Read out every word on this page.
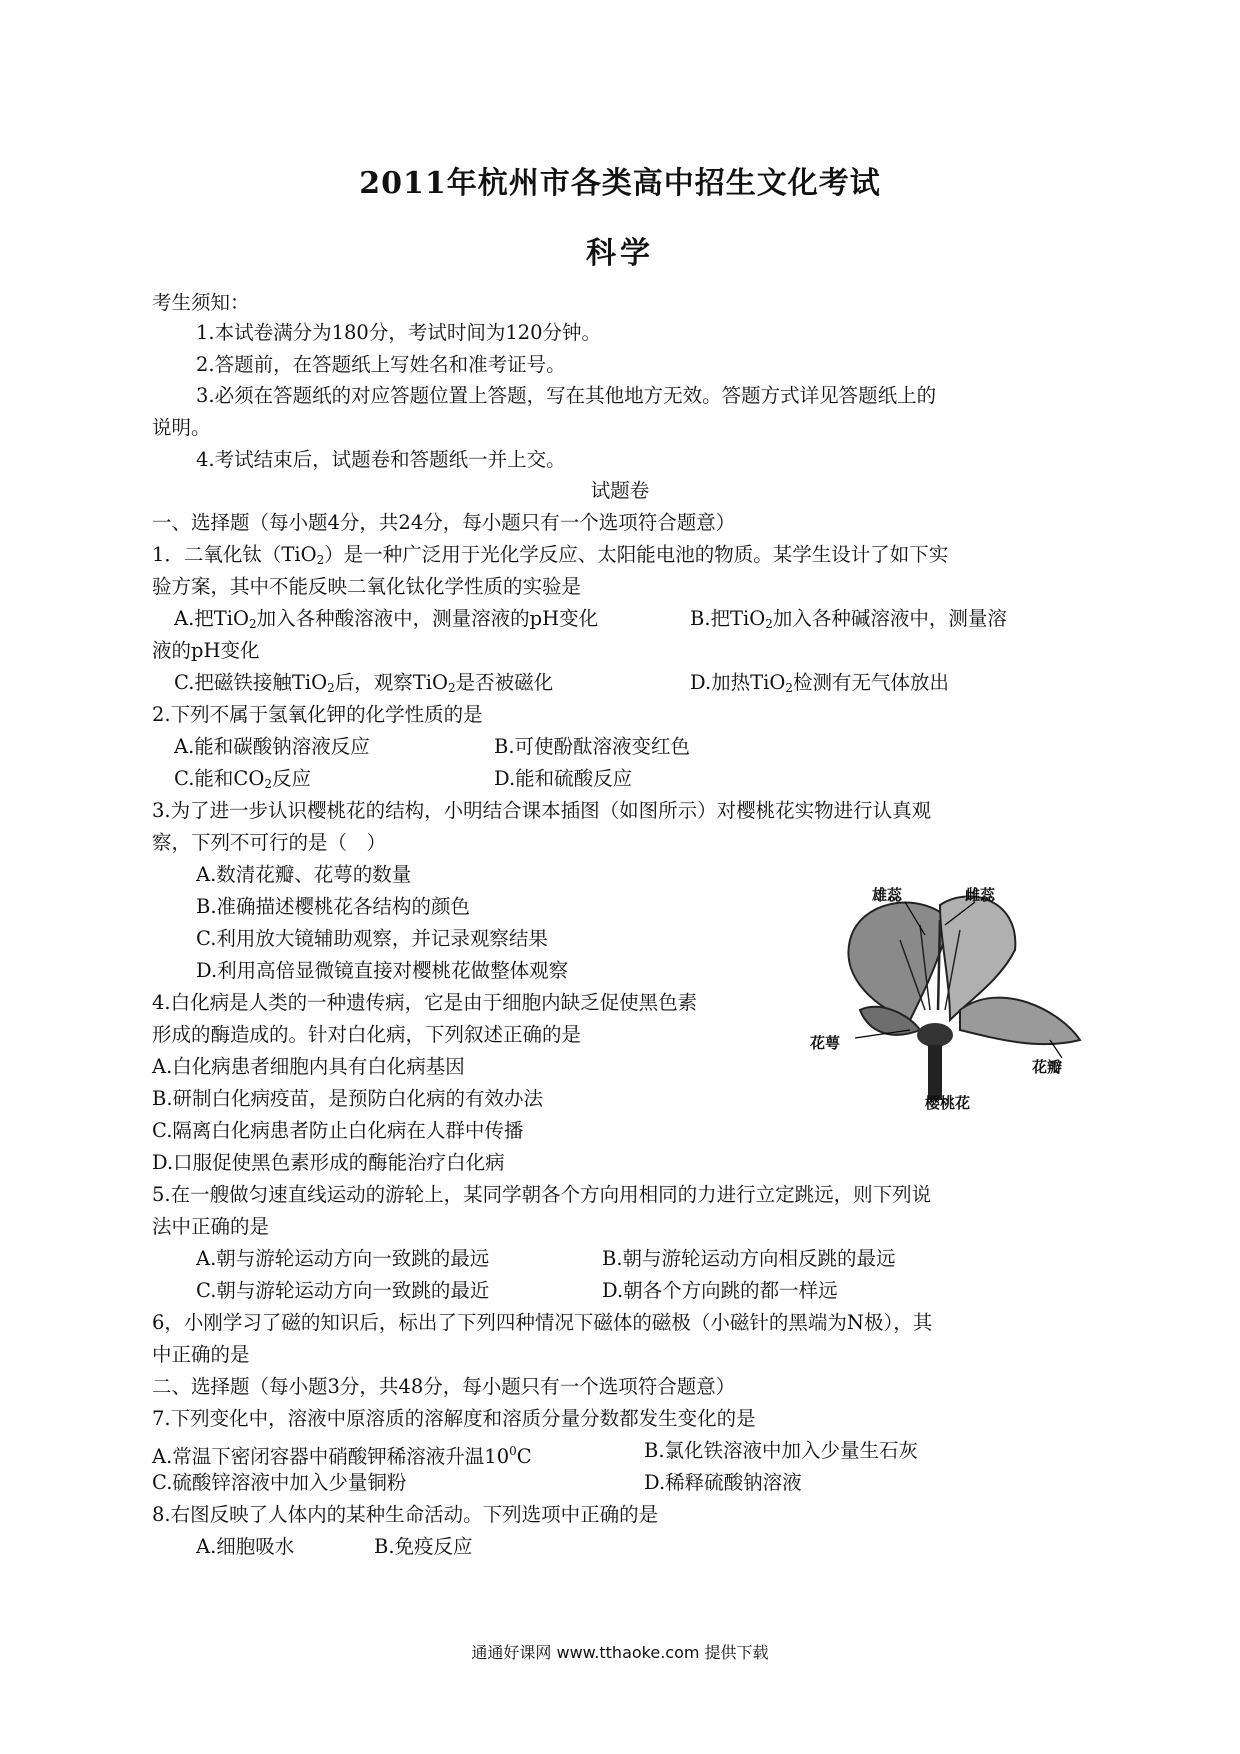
2011年杭州市各类高中招生文化考试
科学
考生须知：
1.本试卷满分为180分，考试时间为120分钟。
2.答题前，在答题纸上写姓名和准考证号。
3.必须在答题纸的对应答题位置上答题，写在其他地方无效。答题方式详见答题纸上的
说明。
4.考试结束后，试题卷和答题纸一并上交。
试题卷
一、选择题（每小题4分，共24分，每小题只有一个选项符合题意）
1．二氧化钛（TiO$_2$）是一种广泛用于光化学反应、太阳能电池的物质。某学生设计了如下实
验方案，其中不能反映二氧化钛化学性质的实验是
A.把TiO$_2$加入各种酸溶液中，测量溶液的pH变化	B.把TiO$_2$加入各种碱溶液中，测量溶
液的pH变化
C.把磁铁接触TiO$_2$后，观察TiO$_2$是否被磁化	D.加热TiO$_2$检测有无气体放出
2.下列不属于氢氧化钾的化学性质的是
A.能和碳酸钠溶液反应	B.可使酚酞溶液变红色
C.能和$CO_2$反应	D.能和硫酸反应
3.为了进一步认识樱桃花的结构，小明结合课本插图（如图所示）对樱桃花实物进行认真观
察，下列不可行的是（　）
A.数清花瓣、花萼的数量
B.准确描述樱桃花各结构的颜色
C.利用放大镜辅助观察，并记录观察结果
D.利用高倍显微镜直接对樱桃花做整体观察
雄蕊	雌蕊
花萼
花瓣
樱桃花
4.白化病是人类的一种遗传病，它是由于细胞内缺乏促使黑色素
形成的酶造成的。针对白化病，下列叙述正确的是
A.白化病患者细胞内具有白化病基因
B.研制白化病疫苗，是预防白化病的有效办法
C.隔离白化病患者防止白化病在人群中传播
D.口服促使黑色素形成的酶能治疗白化病
5.在一艘做匀速直线运动的游轮上，某同学朝各个方向用相同的力进行立定跳远，则下列说
法中正确的是
A.朝与游轮运动方向一致跳的最远	B.朝与游轮运动方向相反跳的最远
C.朝与游轮运动方向一致跳的最近	D.朝各个方向跳的都一样远
6，小刚学习了磁的知识后，标出了下列四种情况下磁体的磁极（小磁针的黑端为N极），其
中正确的是
二、选择题（每小题3分，共48分，每小题只有一个选项符合题意）
7.下列变化中，溶液中原溶质的溶解度和溶质分量分数都发生变化的是
A.常温下密闭容器中硝酸钾稀溶液升温$10^0C$	B.氯化铁溶液中加入少量生石灰
C.硫酸锌溶液中加入少量铜粉	D.稀释硫酸钠溶液
8.右图反映了人体内的某种生命活动。下列选项中正确的是
A.细胞吸水	B.免疫反应
通通好课网 www.tthaoke.com 提供下载
